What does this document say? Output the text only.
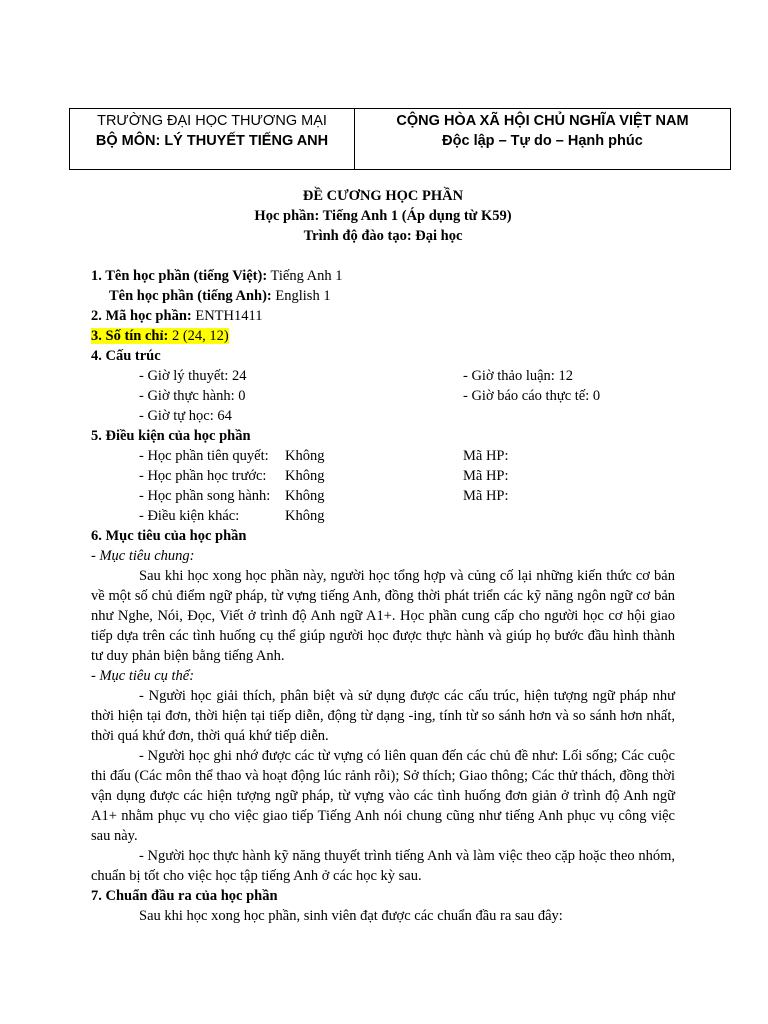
TRƯỜNG ĐẠI HỌC THƯƠNG MẠI
BỘ MÔN: LÝ THUYẾT TIẾNG ANH
CỘNG HÒA XÃ HỘI CHỦ NGHĨA VIỆT NAM
Độc lập – Tự do – Hạnh phúc
ĐỀ CƯƠNG HỌC PHẦN
Học phần: Tiếng Anh 1 (Áp dụng từ K59)
Trình độ đào tạo: Đại học
1. Tên học phần (tiếng Việt): Tiếng Anh 1
Tên học phần (tiếng Anh): English 1
2. Mã học phần: ENTH1411
3. Số tín chỉ: 2 (24, 12)
4. Cấu trúc
- Giờ lý thuyết: 24	- Giờ thảo luận: 12
- Giờ thực hành: 0	- Giờ báo cáo thực tế: 0
- Giờ tự học: 64
5. Điều kiện của học phần
- Học phần tiên quyết:	Không	Mã HP:
- Học phần học trước:	Không	Mã HP:
- Học phần song hành:	Không	Mã HP:
- Điều kiện khác:	Không
6. Mục tiêu của học phần
- Mục tiêu chung:

Sau khi học xong học phần này, người học tổng hợp và củng cố lại những kiến thức cơ bản về một số chủ điểm ngữ pháp, từ vựng tiếng Anh, đồng thời phát triển các kỹ năng ngôn ngữ cơ bản như Nghe, Nói, Đọc, Viết ở trình độ Anh ngữ A1+. Học phần cung cấp cho người học cơ hội giao tiếp dựa trên các tình huống cụ thể giúp người học được thực hành và giúp họ bước đầu hình thành tư duy phản biện bằng tiếng Anh.

- Mục tiêu cụ thể:

- Người học giải thích, phân biệt và sử dụng được các cấu trúc, hiện tượng ngữ pháp như thời hiện tại đơn, thời hiện tại tiếp diễn, động từ dạng -ing, tính từ so sánh hơn và so sánh hơn nhất, thời quá khứ đơn, thời quá khứ tiếp diễn.

- Người học ghi nhớ được các từ vựng có liên quan đến các chủ đề như: Lối sống; Các cuộc thi đấu (Các môn thể thao và hoạt động lúc rảnh rỗi); Sở thích; Giao thông; Các thử thách, đồng thời vận dụng được các hiện tượng ngữ pháp, từ vựng vào các tình huống đơn giản ở trình độ Anh ngữ A1+ nhằm phục vụ cho việc giao tiếp Tiếng Anh nói chung cũng như tiếng Anh phục vụ công việc sau này.

- Người học thực hành kỹ năng thuyết trình tiếng Anh và làm việc theo cặp hoặc theo nhóm, chuẩn bị tốt cho việc học tập tiếng Anh ở các học kỳ sau.

7. Chuẩn đầu ra của học phần

Sau khi học xong học phần, sinh viên đạt được các chuẩn đầu ra sau đây:
